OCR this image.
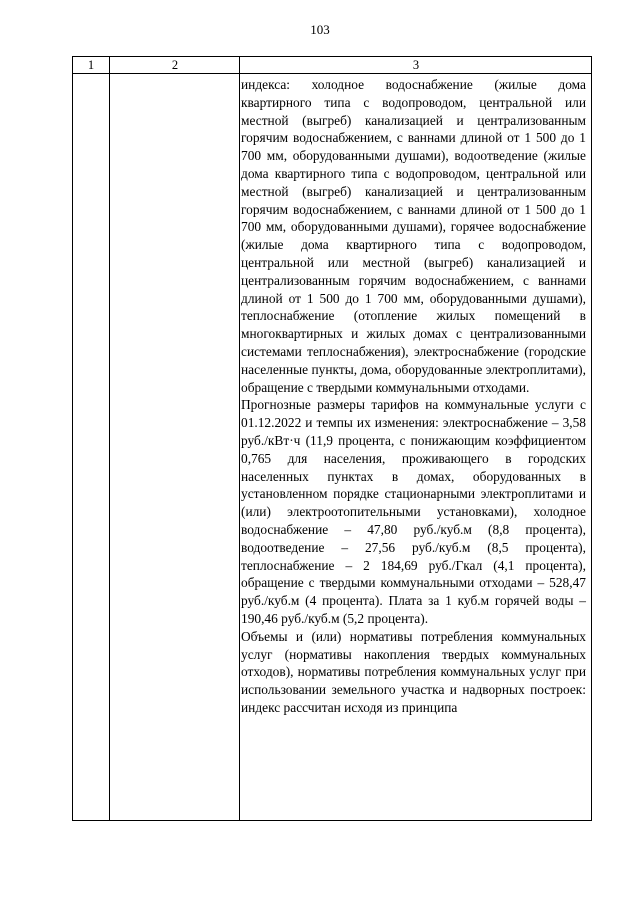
103
1	2	3

индекса: холодное водоснабжение (жилые дома квартирного типа с водопроводом, центральной или местной (выгреб) канализацией и централизованным горячим водоснабжением, с ваннами длиной от 1 500 до 1 700 мм, оборудованными душами), водоотведение (жилые дома квартирного типа с водопроводом, центральной или местной (выгреб) канализацией и централизованным горячим водоснабжением, с ваннами длиной от 1 500 до 1 700 мм, оборудованными душами), горячее водоснабжение (жилые дома квартирного типа с водопроводом, центральной или местной (выгреб) канализацией и централизованным горячим водоснабжением, с ваннами длиной от 1 500 до 1 700 мм, оборудованными душами), теплоснабжение (отопление жилых помещений в многоквартирных и жилых домах с централизованными системами теплоснабжения), электроснабжение (городские населенные пункты, дома, оборудованные электроплитами), обращение с твердыми коммунальными отходами.

Прогнозные размеры тарифов на коммунальные услуги с 01.12.2022 и темпы их изменения: электроснабжение – 3,58 руб./кВт·ч (11,9 процента, с понижающим коэффициентом 0,765 для населения, проживающего в городских населенных пунктах в домах, оборудованных в установленном порядке стационарными электроплитами и (или) электроотопительными установками), холодное водоснабжение – 47,80 руб./куб.м (8,8 процента), водоотведение – 27,56 руб./куб.м (8,5 процента), теплоснабжение – 2 184,69 руб./Гкал (4,1 процента), обращение с твердыми коммунальными отходами – 528,47 руб./куб.м (4 процента). Плата за 1 куб.м горячей воды – 190,46 руб./куб.м (5,2 процента).

Объемы и (или) нормативы потребления коммунальных услуг (нормативы накопления твердых коммунальных отходов), нормативы потребления коммунальных услуг при использовании земельного участка и надворных построек: индекс рассчитан исходя из принципа
